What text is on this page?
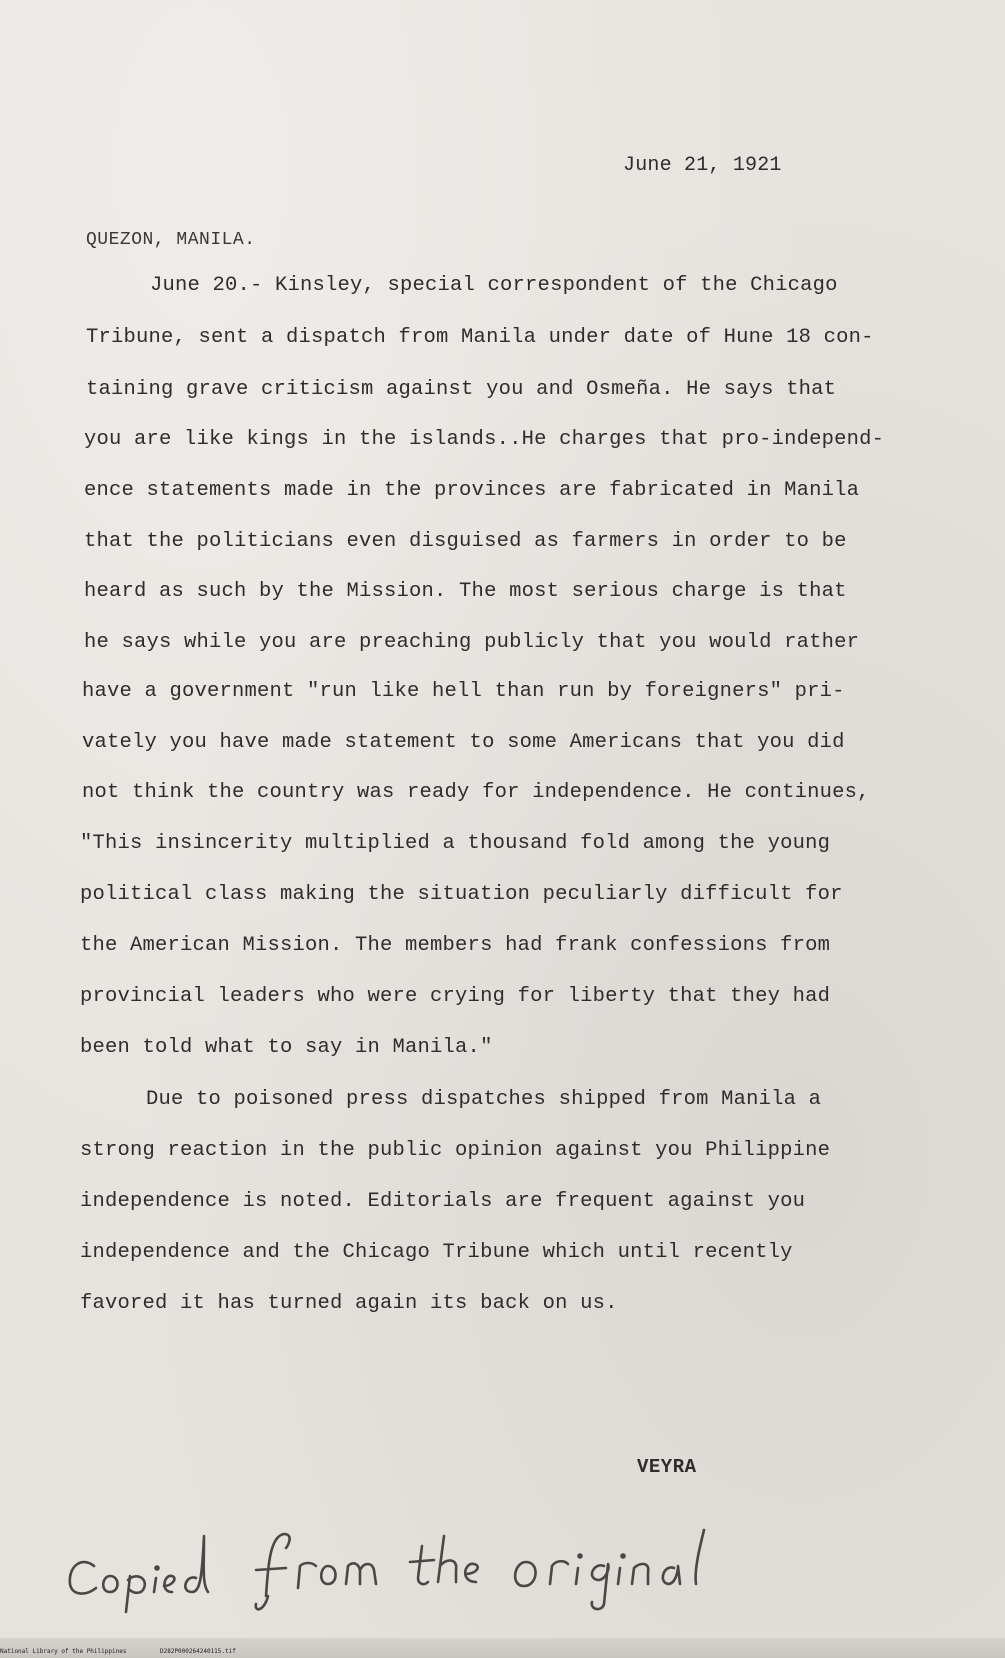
June 21, 1921
QUEZON, MANILA.
June 20.- Kinsley, special correspondent of the Chicago
Tribune, sent a dispatch from Manila under date of Hune 18 con-
taining grave criticism against you and Osmeña. He says that
you are like kings in the islands..He charges that pro-independ-
ence statements made in the provinces are fabricated in Manila
that the politicians even disguised as farmers in order to be
heard as such by the Mission. The most serious charge is that
he says while you are preaching publicly that you would rather
have a government "run like hell than run by foreigners" pri-
vately you have made statement to some Americans that you did
not think the country was ready for independence. He continues,
"This insincerity multiplied a thousand fold among the young
political class making the situation peculiarly difficult for
the American Mission. The members had frank confessions from
provincial leaders who were crying for liberty that they had
been told what to say in Manila."
Due to poisoned press dispatches shipped from Manila a
strong reaction in the public opinion against you Philippine
independence is noted. Editorials are frequent against you
independence and the Chicago Tribune which until recently
favored it has turned again its back on us.
VEYRA
National Library of the Philippines	D282P000264240115.tif
